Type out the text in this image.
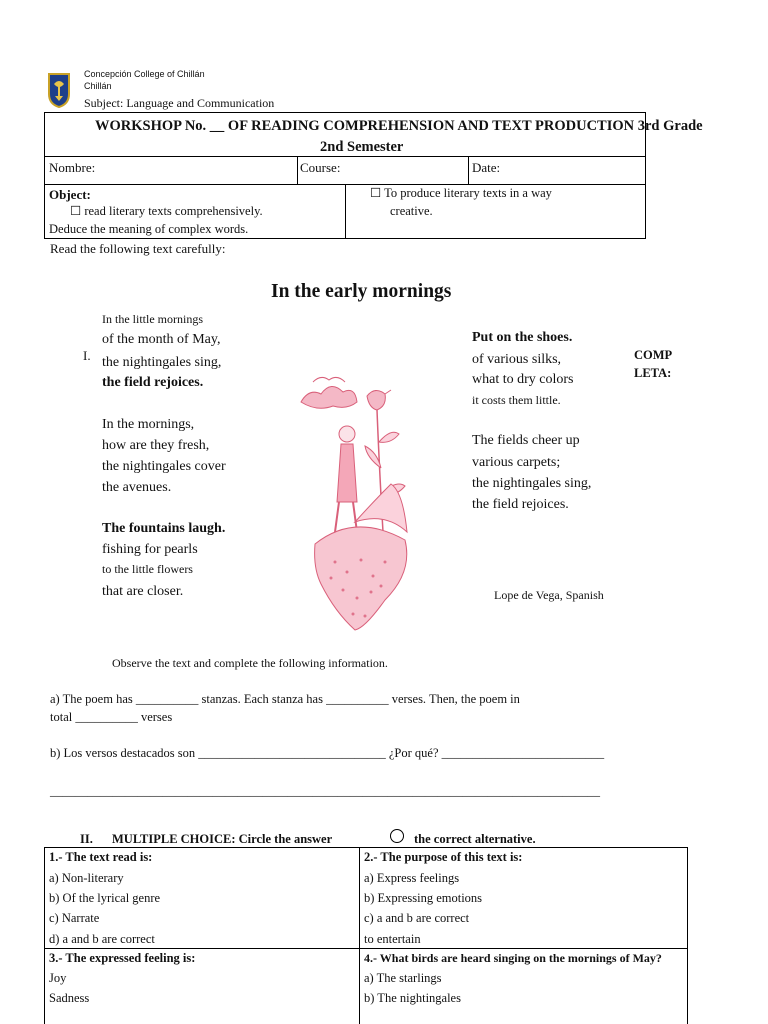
Concepción College of Chillán
Chillán
Subject: Language and Communication
WORKSHOP No. __ OF READING COMPREHENSION AND TEXT PRODUCTION 3rd Grade
2nd Semester
Nombre:	Course:	Date:
Object:
☐ read literary texts comprehensively.
Deduce the meaning of complex words.
☐ To produce literary texts in a way
creative.
Read the following text carefully:
In the early mornings
I.
In the little mornings
of the month of May,
the nightingales sing,
the field rejoices.
In the mornings,
how are they fresh,
the nightingales cover
the avenues.
The fountains laugh.
fishing for pearls
to the little flowers
that are closer.
Put on the shoes.
of various silks,
what to dry colors
it costs them little.
The fields cheer up
various carpets;
the nightingales sing,
the field rejoices.
COMP
LETA:
Lope de Vega, Spanish
Observe the text and complete the following information.
a) The poem has __________ stanzas. Each stanza has __________ verses. Then, the poem in
total __________ verses
b) Los versos destacados son ______________________________ ¿Por qué? __________________________
________________________________________________________________________________________
II. MULTIPLE CHOICE: Circle the answer	the correct alternative.
1.- The text read is:
a) Non-literary
b) Of the lyrical genre
c) Narrate
d) a and b are correct
2.- The purpose of this text is:
a) Express feelings
b) Expressing emotions
c) a and b are correct
to entertain
3.- The expressed feeling is:
Joy
Sadness
4.- What birds are heard singing on the mornings of May?
a) The starlings
b) The nightingales
